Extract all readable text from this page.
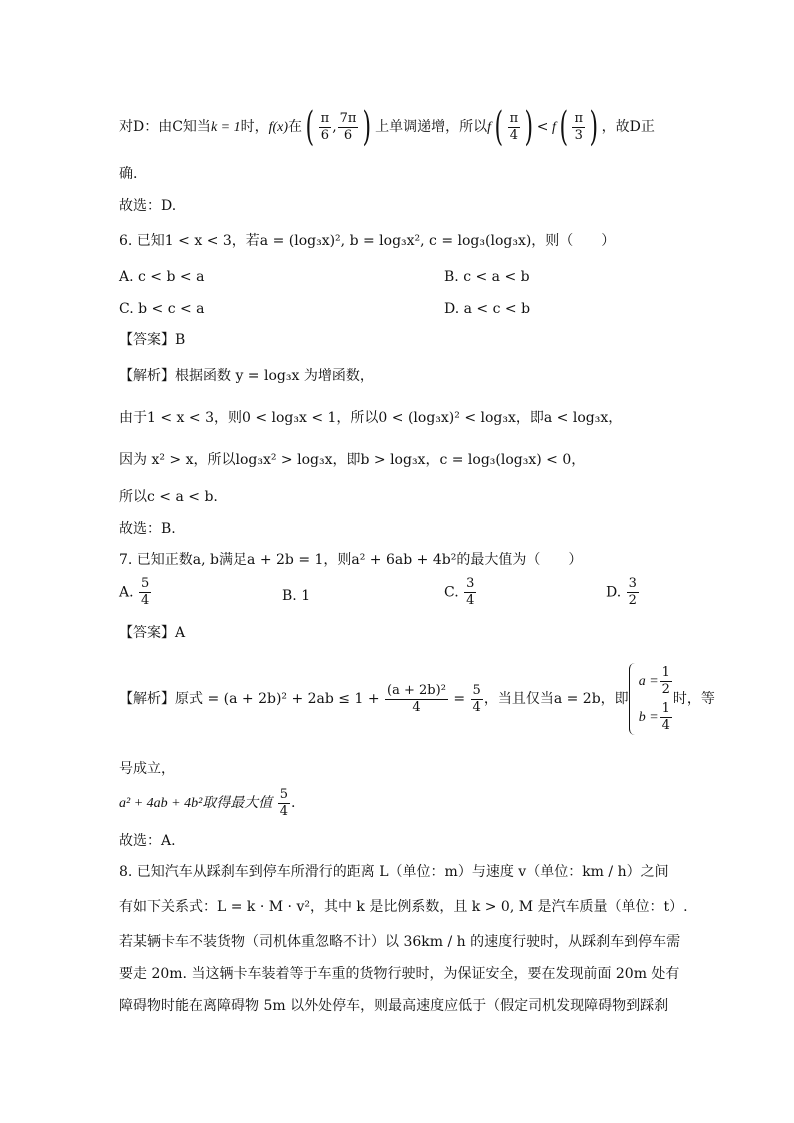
对D：由C知当k = 1时，f(x)在( $\frac{\pi}{6}$ , $\frac{7\pi}{6}$ ) 上单调递增，所以$f( \frac{\pi}{4}$ ) < $f( \frac{\pi}{3}$ ) ，故D正
确.
故选：D.
6. 已知1 < x < 3，若a = (log₃x)², b = log₃x², c = log₃(log₃x)，则（　　）
A. c < b < a	B. c < a < b
C. b < c < a	D. a < c < b
【答案】B
【解析】根据函数 y = log₃x 为增函数，
由于1 < x < 3，则0 < log₃x < 1，所以0 < (log₃x)² < log₃x，即a < log₃x，
因为 x² > x，所以log₃x² > log₃x，即b > log₃x，c = log₃(log₃x) < 0，
所以c < a < b.
故选：B.
7. 已知正数a, b满足a + 2b = 1，则a² + 6ab + 4b²的最大值为（　　）
A. $\frac{5}{4}$	B. 1	C. $\frac{3}{4}$	D. $\frac{3}{2}$
【答案】A
【解析】原式 = $(a + 2b)^2 + 2ab \le 1 + \frac{\text{(a + 2b)²}}{4} = \frac{5}{4}$ ，当且仅当a = 2b，即
$a = \frac{1}{2}$
$b = \frac{1}{4}$
时，等
号成立，
a² + 4ab + 4b²取得最大值 $\frac{5}{4}$ .
故选：A.
8. 已知汽车从踩刹车到停车所滑行的距离 L（单位：m）与速度 v（单位：km / h）之间
有如下关系式：L = k · M · v²，其中 k 是比例系数，且 k > 0, M 是汽车质量（单位：t）.
若某辆卡车不装货物（司机体重忽略不计）以 36km / h 的速度行驶时，从踩刹车到停车需
要走 20m. 当这辆卡车装着等于车重的货物行驶时，为保证安全，要在发现前面 20m 处有
障碍物时能在离障碍物 5m 以外处停车，则最高速度应低于（假定司机发现障碍物到踩刹
